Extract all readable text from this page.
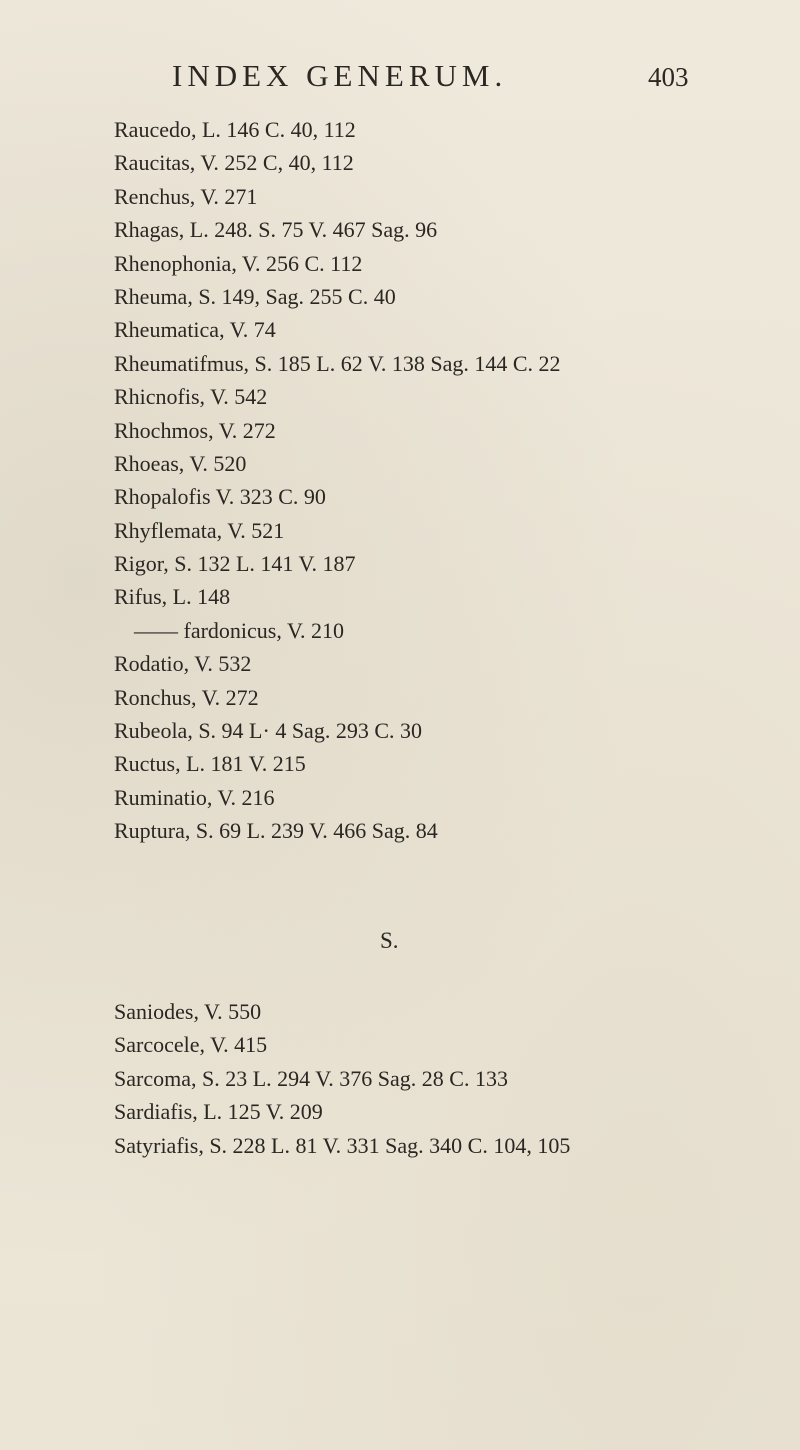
INDEX GENERUM.	403
Raucedo, L. 146 C. 40, 112
Raucitas, V. 252 C, 40, 112
Renchus, V. 271
Rhagas, L. 248. S. 75 V. 467 Sag. 96
Rhenophonia, V. 256 C. 112
Rheuma, S. 149, Sag. 255 C. 40
Rheumatica, V. 74
Rheumatifmus, S. 185 L. 62 V. 138 Sag. 144 C. 22
Rhicnofis, V. 542
Rhochmos, V. 272
Rhoeas, V. 520
Rhopalofis V. 323 C. 90
Rhyflemata, V. 521
Rigor, S. 132 L. 141 V. 187
Rifus, L. 148
—— fardonicus, V. 210
Rodatio, V. 532
Ronchus, V. 272
Rubeola, S. 94 L· 4 Sag. 293 C. 30
Ructus, L. 181 V. 215
Ruminatio, V. 216
Ruptura, S. 69 L. 239 V. 466 Sag. 84
S.
Saniodes, V. 550
Sarcocele, V. 415
Sarcoma, S. 23 L. 294 V. 376 Sag. 28 C. 133
Sardiafis, L. 125 V. 209
Satyriafis, S. 228 L. 81 V. 331 Sag. 340 C. 104, 105
